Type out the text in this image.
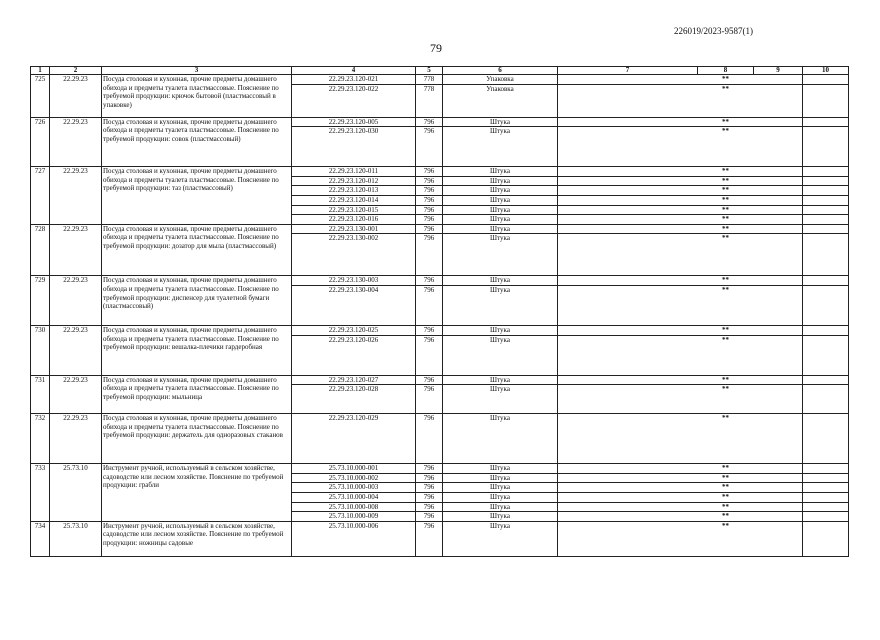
226019/2023-9587(1)
79
1	2	3	4	5	6	7	8	9	10
725	22.29.23	Посуда столовая и кухонная, прочие предметы домашнего обихода и предметы туалета пластмассовые. Пояснение по требуемой продукции: крючок бытовой (пластмассовый в упаковке)	22.29.23.120-021	778	Упаковка		**		
			22.29.23.120-022	778	Упаковка		**		
726	22.29.23	Посуда столовая и кухонная, прочие предметы домашнего обихода и предметы туалета пластмассовые. Пояснение по требуемой продукции: совок (пластмассовый)	22.29.23.120-005	796	Штука		**		
			22.29.23.120-030	796	Штука		**		
727	22.29.23	Посуда столовая и кухонная, прочие предметы домашнего обихода и предметы туалета пластмассовые. Пояснение по требуемой продукции: таз (пластмассовый)	22.29.23.120-011	796	Штука		**		
			22.29.23.120-012	796	Штука		**		
			22.29.23.120-013	796	Штука		**		
			22.29.23.120-014	796	Штука		**		
			22.29.23.120-015	796	Штука		**		
			22.29.23.120-016	796	Штука		**		
728	22.29.23	Посуда столовая и кухонная, прочие предметы домашнего обихода и предметы туалета пластмассовые. Пояснение по требуемой продукции: дозатор для мыла (пластмассовый)	22.29.23.130-001	796	Штука		**		
			22.29.23.130-002	796	Штука		**		
729	22.29.23	Посуда столовая и кухонная, прочие предметы домашнего обихода и предметы туалета пластмассовые. Пояснение по требуемой продукции: диспенсер для туалетной бумаги (пластмассовый)	22.29.23.130-003	796	Штука		**		
			22.29.23.130-004	796	Штука		**		
730	22.29.23	Посуда столовая и кухонная, прочие предметы домашнего обихода и предметы туалета пластмассовые. Пояснение по требуемой продукции: вешалка-плечики гардеробная	22.29.23.120-025	796	Штука		**		
			22.29.23.120-026	796	Штука		**		
731	22.29.23	Посуда столовая и кухонная, прочие предметы домашнего обихода и предметы туалета пластмассовые. Пояснение по требуемой продукции: мыльница	22.29.23.120-027	796	Штука		**		
			22.29.23.120-028	796	Штука		**		
732	22.29.23	Посуда столовая и кухонная, прочие предметы домашнего обихода и предметы туалета пластмассовые. Пояснение по требуемой продукции: держатель для одноразовых стаканов	22.29.23.120-029	796	Штука		**		
733	25.73.10	Инструмент ручной, используемый в сельском хозяйстве, садоводстве или лесном хозяйстве. Пояснение по требуемой продукции: грабли	25.73.10.000-001	796	Штука		**		
			25.73.10.000-002	796	Штука		**		
			25.73.10.000-003	796	Штука		**		
			25.73.10.000-004	796	Штука		**		
			25.73.10.000-008	796	Штука		**		
			25.73.10.000-009	796	Штука		**		
734	25.73.10	Инструмент ручной, используемый в сельском хозяйстве, садоводстве или лесном хозяйстве. Пояснение по требуемой продукции: ножницы садовые	25.73.10.000-006	796	Штука		**		
